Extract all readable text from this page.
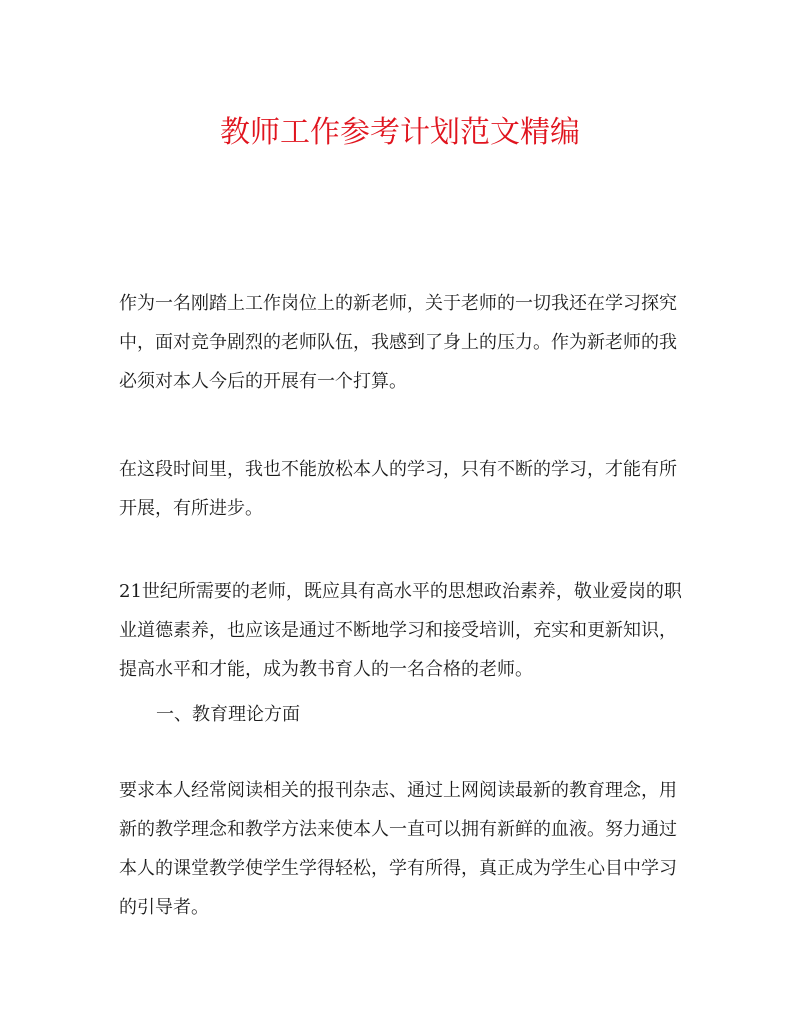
教师工作参考计划范文精编

作为一名刚踏上工作岗位上的新老师，关于老师的一切我还在学习探究中，面对竞争剧烈的老师队伍，我感到了身上的压力。作为新老师的我必须对本人今后的开展有一个打算。

在这段时间里，我也不能放松本人的学习，只有不断的学习，才能有所开展，有所进步。

21世纪所需要的老师，既应具有高水平的思想政治素养，敬业爱岗的职业道德素养，也应该是通过不断地学习和接受培训，充实和更新知识，提高水平和才能，成为教书育人的一名合格的老师。

一、教育理论方面

要求本人经常阅读相关的报刊杂志、通过上网阅读最新的教育理念，用新的教学理念和教学方法来使本人一直可以拥有新鲜的血液。努力通过本人的课堂教学使学生学得轻松，学有所得，真正成为学生心目中学习的引导者。
